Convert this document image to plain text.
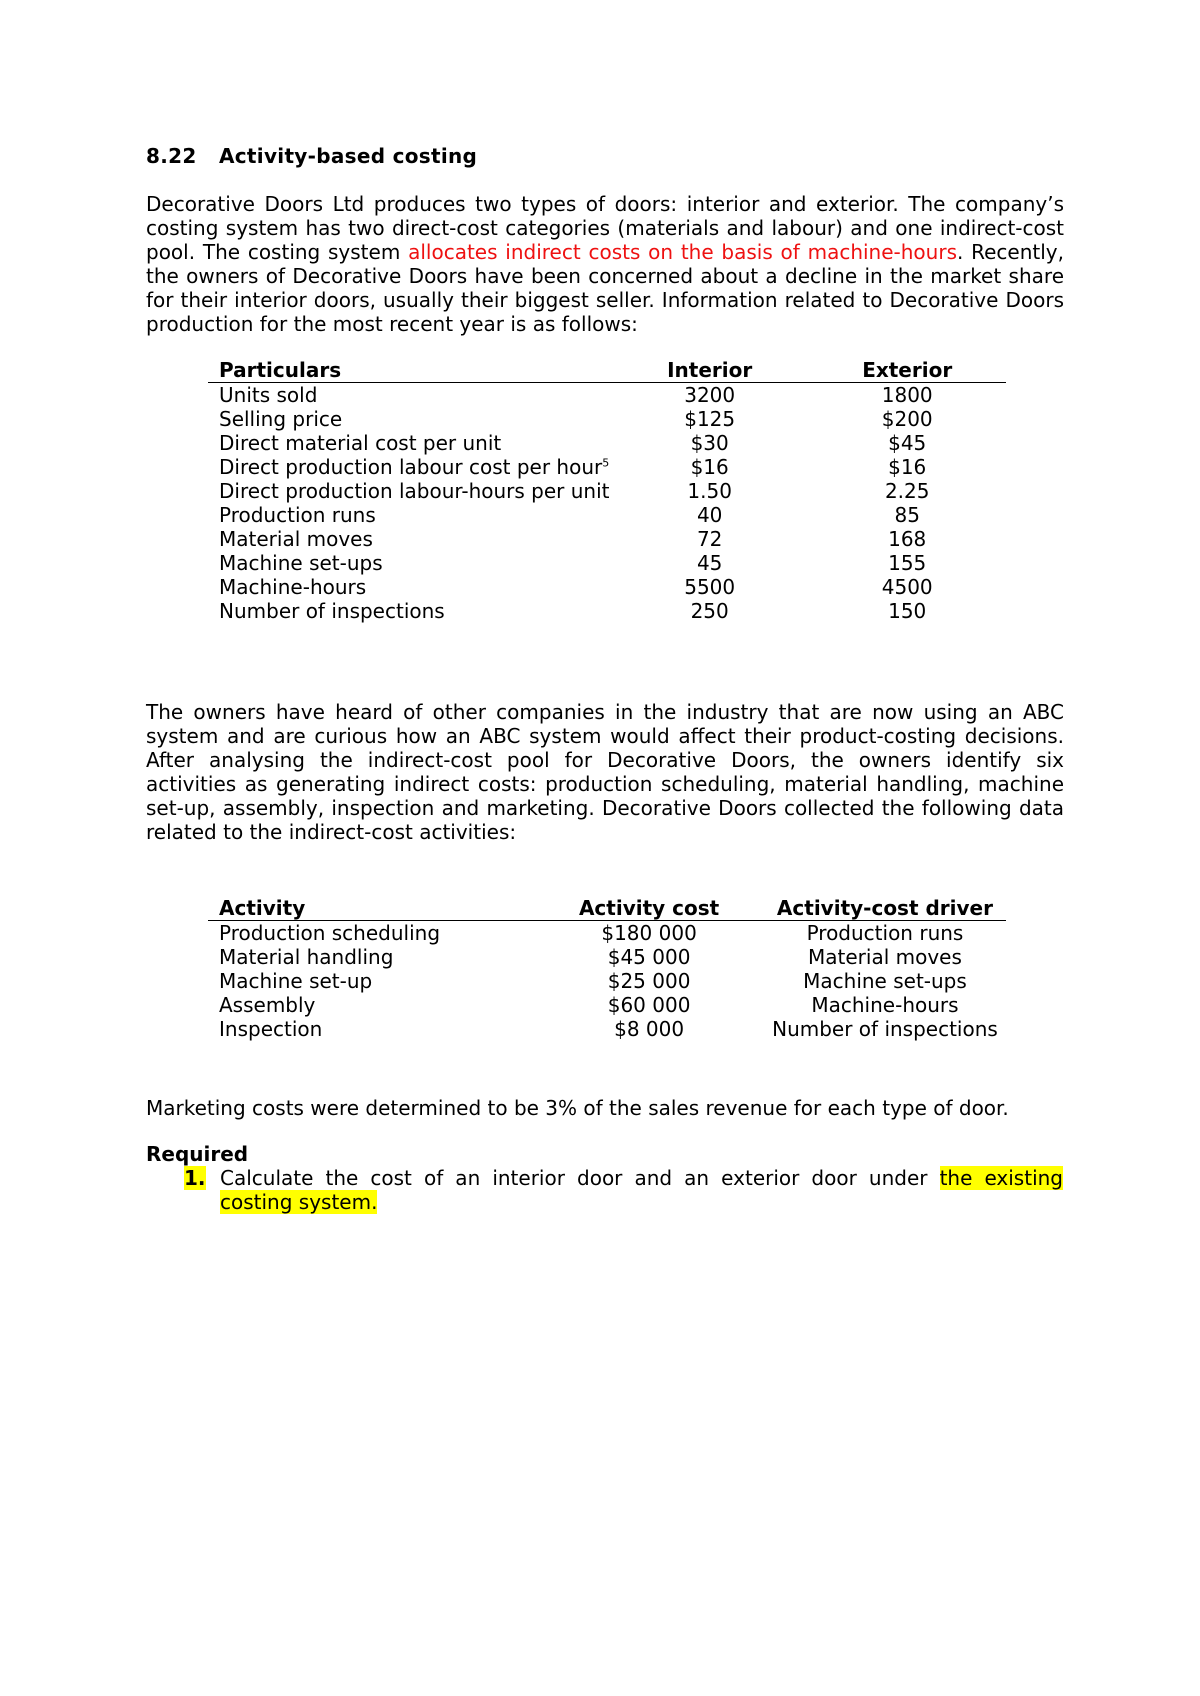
8.22 Activity-based costing

Decorative Doors Ltd produces two types of doors: interior and exterior. The company’s costing system has two direct-cost categories (materials and labour) and one indirect-cost pool. The costing system allocates indirect costs on the basis of machine-hours. Recently, the owners of Decorative Doors have been concerned about a decline in the market share for their interior doors, usually their biggest seller. Information related to Decorative Doors production for the most recent year is as follows:

Particulars	Interior	Exterior
Units sold	3200	1800
Selling price	$125	$200
Direct material cost per unit	$30	$45
Direct production labour cost per hour$^5$	$16	$16
Direct production labour-hours per unit	1.50	2.25
Production runs	40	85
Material moves	72	168
Machine set-ups	45	155
Machine-hours	5500	4500
Number of inspections	250	150

The owners have heard of other companies in the industry that are now using an ABC system and are curious how an ABC system would affect their product-costing decisions. After analysing the indirect-cost pool for Decorative Doors, the owners identify six activities as generating indirect costs: production scheduling, material handling, machine set-up, assembly, inspection and marketing. Decorative Doors collected the following data related to the indirect-cost activities:

Activity	Activity cost	Activity-cost driver
Production scheduling	$180 000	Production runs
Material handling	$45 000	Material moves
Machine set-up	$25 000	Machine set-ups
Assembly	$60 000	Machine-hours
Inspection	$8 000	Number of inspections

Marketing costs were determined to be 3% of the sales revenue for each type of door.

Required
1. Calculate the cost of an interior door and an exterior door under the existing costing system.
